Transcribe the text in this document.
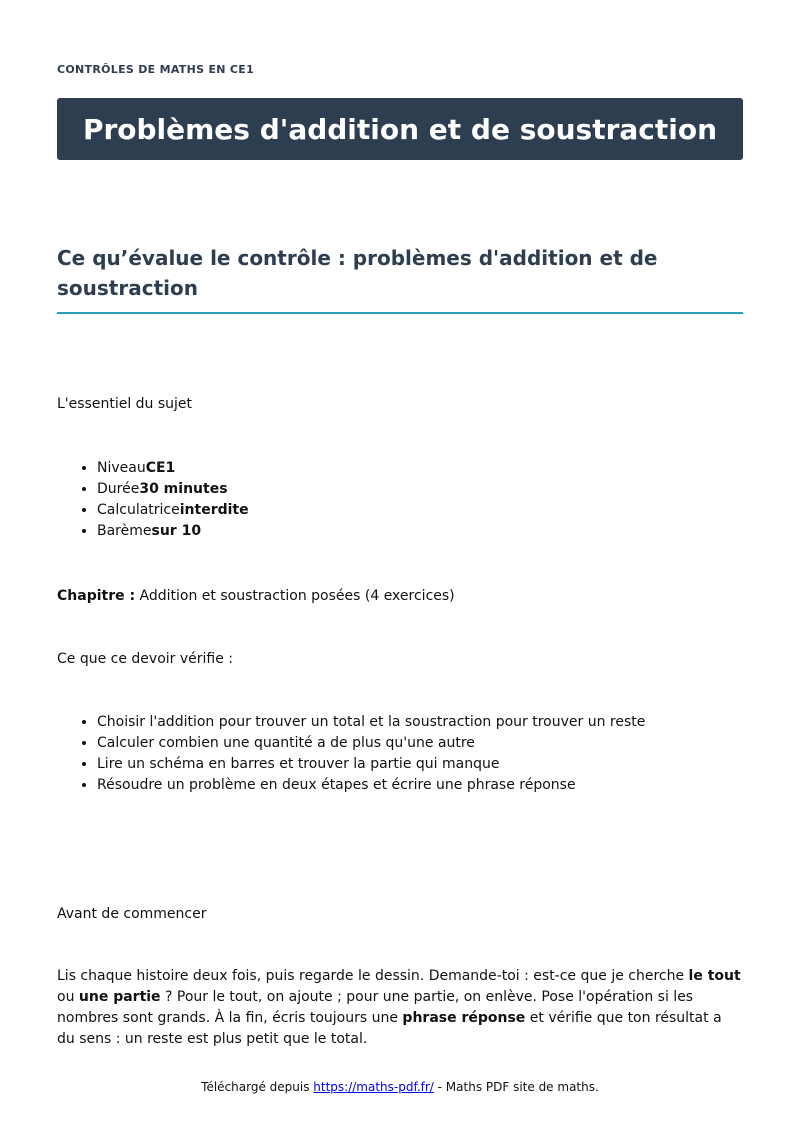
CONTRÔLES DE MATHS EN CE1
Problèmes d'addition et de soustraction
Ce qu’évalue le contrôle : problèmes d'addition et de soustraction

L'essentiel du sujet

• NiveauCE1
• Durée30 minutes
• Calculatriceinterdite
• Barèmesur 10

Chapitre : Addition et soustraction posées (4 exercices)

Ce que ce devoir vérifie :

• Choisir l'addition pour trouver un total et la soustraction pour trouver un reste
• Calculer combien une quantité a de plus qu'une autre
• Lire un schéma en barres et trouver la partie qui manque
• Résoudre un problème en deux étapes et écrire une phrase réponse

Avant de commencer

Lis chaque histoire deux fois, puis regarde le dessin. Demande-toi : est-ce que je cherche le tout ou une partie ? Pour le tout, on ajoute ; pour une partie, on enlève. Pose l'opération si les nombres sont grands. À la fin, écris toujours une phrase réponse et vérifie que ton résultat a du sens : un reste est plus petit que le total.

Téléchargé depuis https://maths-pdf.fr/ - Maths PDF site de maths.
